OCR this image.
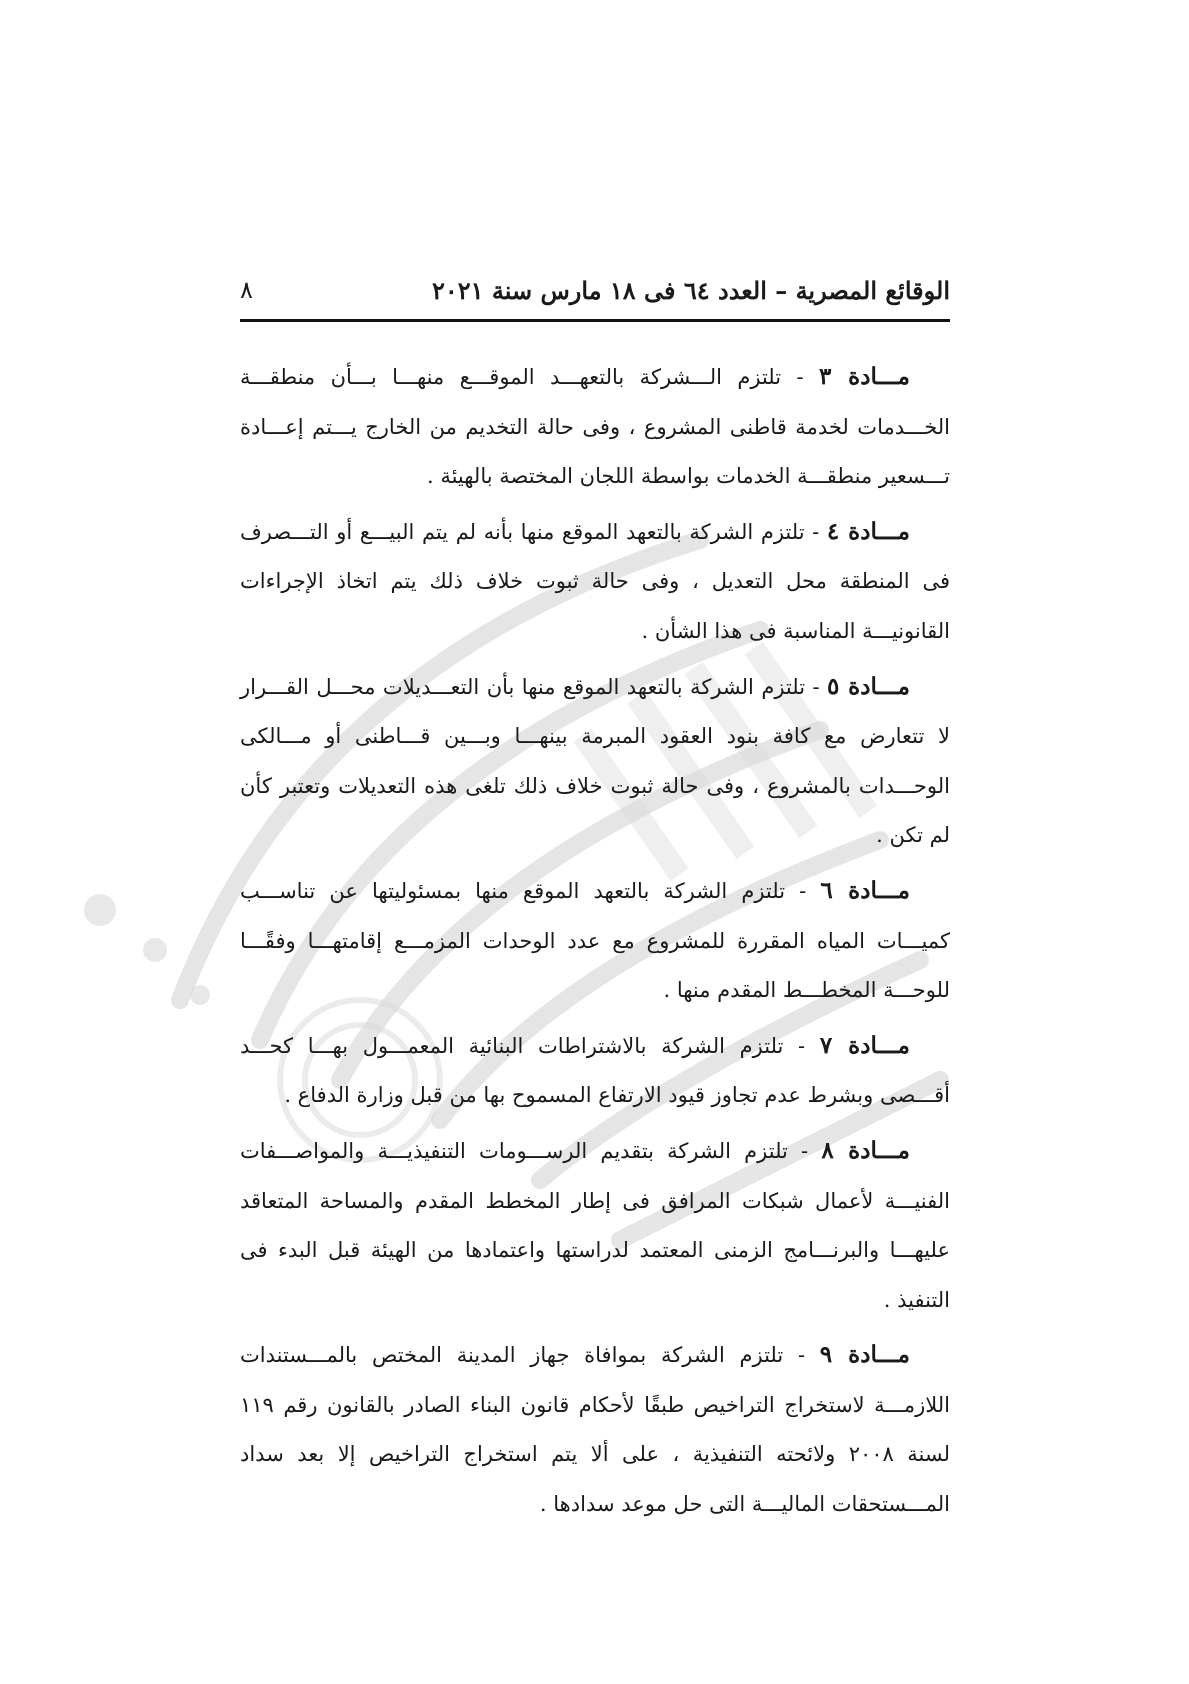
الوقائع المصرية – العدد ٦٤ فى ١٨ مارس سنة ٢٠٢١
٨

مـــادة ٣ - تلتزم الـــشركة بالتعهـــد الموقـــع منهـــا بـــأن منطقـــة الخـــدمات لخدمة قاطنى المشروع ، وفى حالة التخديم من الخارج يـــتم إعـــادة تـــسعير منطقـــة الخدمات بواسطة اللجان المختصة بالهيئة .

مـــادة ٤ - تلتزم الشركة بالتعهد الموقع منها بأنه لم يتم البيـــع أو التـــصرف فى المنطقة محل التعديل ، وفى حالة ثبوت خلاف ذلك يتم اتخاذ الإجراءات القانونيـــة المناسبة فى هذا الشأن .

مـــادة ٥ - تلتزم الشركة بالتعهد الموقع منها بأن التعـــديلات محـــل القـــرار لا تتعارض مع كافة بنود العقود المبرمة بينهـــا وبـــين قـــاطنى أو مـــالكى الوحـــدات بالمشروع ، وفى حالة ثبوت خلاف ذلك تلغى هذه التعديلات وتعتبر كأن لم تكن .

مـــادة ٦ - تلتزم الشركة بالتعهد الموقع منها بمسئوليتها عن تناســـب كميـــات المياه المقررة للمشروع مع عدد الوحدات المزمـــع إقامتهـــا وفقًـــا للوحـــة المخطـــط المقدم منها .

مـــادة ٧ - تلتزم الشركة بالاشتراطات البنائية المعمـــول بهـــا كحـــد أقـــصى وبشرط عدم تجاوز قيود الارتفاع المسموح بها من قبل وزارة الدفاع .

مـــادة ٨ - تلتزم الشركة بتقديم الرســـومات التنفيذيـــة والمواصـــفات الفنيـــة لأعمال شبكات المرافق فى إطار المخطط المقدم والمساحة المتعاقد عليهـــا والبرنـــامج الزمنى المعتمد لدراستها واعتمادها من الهيئة قبل البدء فى التنفيذ .

مـــادة ٩ - تلتزم الشركة بموافاة جهاز المدينة المختص بالمـــستندات اللازمـــة لاستخراج التراخيص طبقًا لأحكام قانون البناء الصادر بالقانون رقم ١١٩ لسنة ٢٠٠٨ ولائحته التنفيذية ، على ألا يتم استخراج التراخيص إلا بعد سداد المـــستحقات الماليـــة التى حل موعد سدادها .
